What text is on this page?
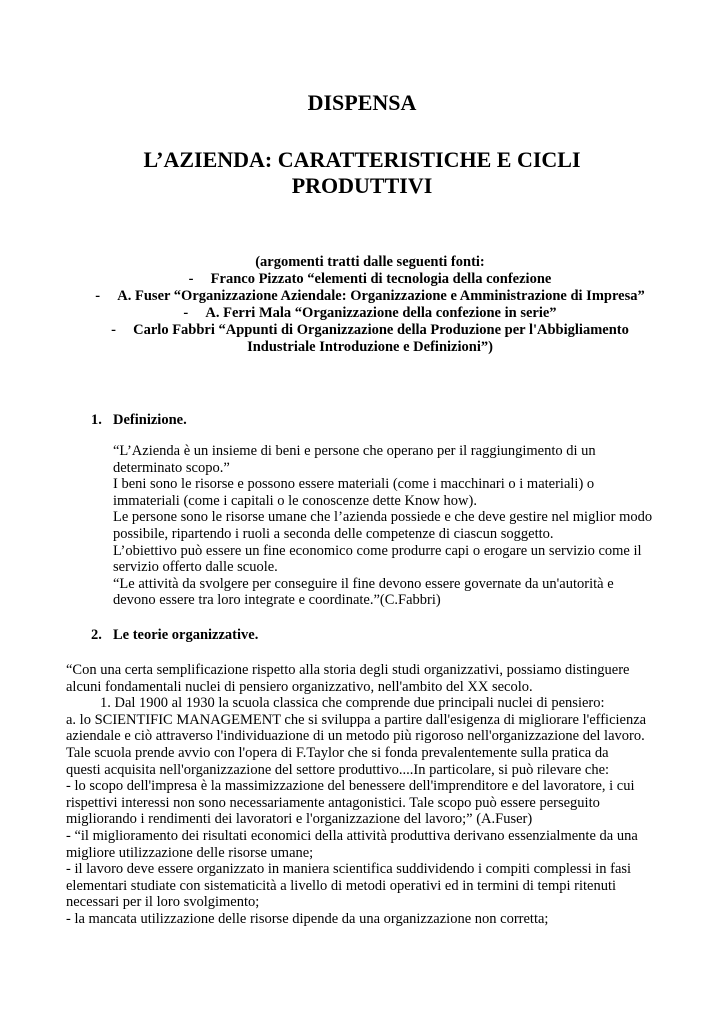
DISPENSA
L’AZIENDA: CARATTERISTICHE E CICLI
PRODUTTIVI
(argomenti tratti dalle seguenti fonti:
- Franco Pizzato “elementi di tecnologia della confezione
- A. Fuser “Organizzazione Aziendale: Organizzazione e Amministrazione di Impresa”
- A. Ferri Mala “Organizzazione della confezione in serie”
- Carlo Fabbri “Appunti di Organizzazione della Produzione per l'Abbigliamento
Industriale Introduzione e Definizioni”)
1. Definizione.
“L’Azienda è un insieme di beni e persone che operano per il raggiungimento di un
determinato scopo.”
I beni sono le risorse e possono essere materiali (come i macchinari o i materiali) o
immateriali (come i capitali o le conoscenze dette Know how).
Le persone sono le risorse umane che l’azienda possiede e che deve gestire nel miglior modo
possibile, ripartendo i ruoli a seconda delle competenze di ciascun soggetto.
L’obiettivo può essere un fine economico come produrre capi o erogare un servizio come il
servizio offerto dalle scuole.
“Le attività da svolgere per conseguire il fine devono essere governate da un'autorità e
devono essere tra loro integrate e coordinate.”(C.Fabbri)
2. Le teorie organizzative.
“Con una certa semplificazione rispetto alla storia degli studi organizzativi, possiamo distinguere
alcuni fondamentali nuclei di pensiero organizzativo, nell'ambito del XX secolo.
1. Dal 1900 al 1930 la scuola classica che comprende due principali nuclei di pensiero:
a. lo SCIENTIFIC MANAGEMENT che si sviluppa a partire dall'esigenza di migliorare l'efficienza
aziendale e ciò attraverso l'individuazione di un metodo più rigoroso nell'organizzazione del lavoro.
Tale scuola prende avvio con l'opera di F.Taylor che si fonda prevalentemente sulla pratica da
questi acquisita nell'organizzazione del settore produttivo....In particolare, si può rilevare che:
- lo scopo dell'impresa è la massimizzazione del benessere dell'imprenditore e del lavoratore, i cui
rispettivi interessi non sono necessariamente antagonistici. Tale scopo può essere perseguito
migliorando i rendimenti dei lavoratori e l'organizzazione del lavoro;” (A.Fuser)
- “il miglioramento dei risultati economici della attività produttiva derivano essenzialmente da una
migliore utilizzazione delle risorse umane;
- il lavoro deve essere organizzato in maniera scientifica suddividendo i compiti complessi in fasi
elementari studiate con sistematicità a livello di metodi operativi ed in termini di tempi ritenuti
necessari per il loro svolgimento;
- la mancata utilizzazione delle risorse dipende da una organizzazione non corretta;
